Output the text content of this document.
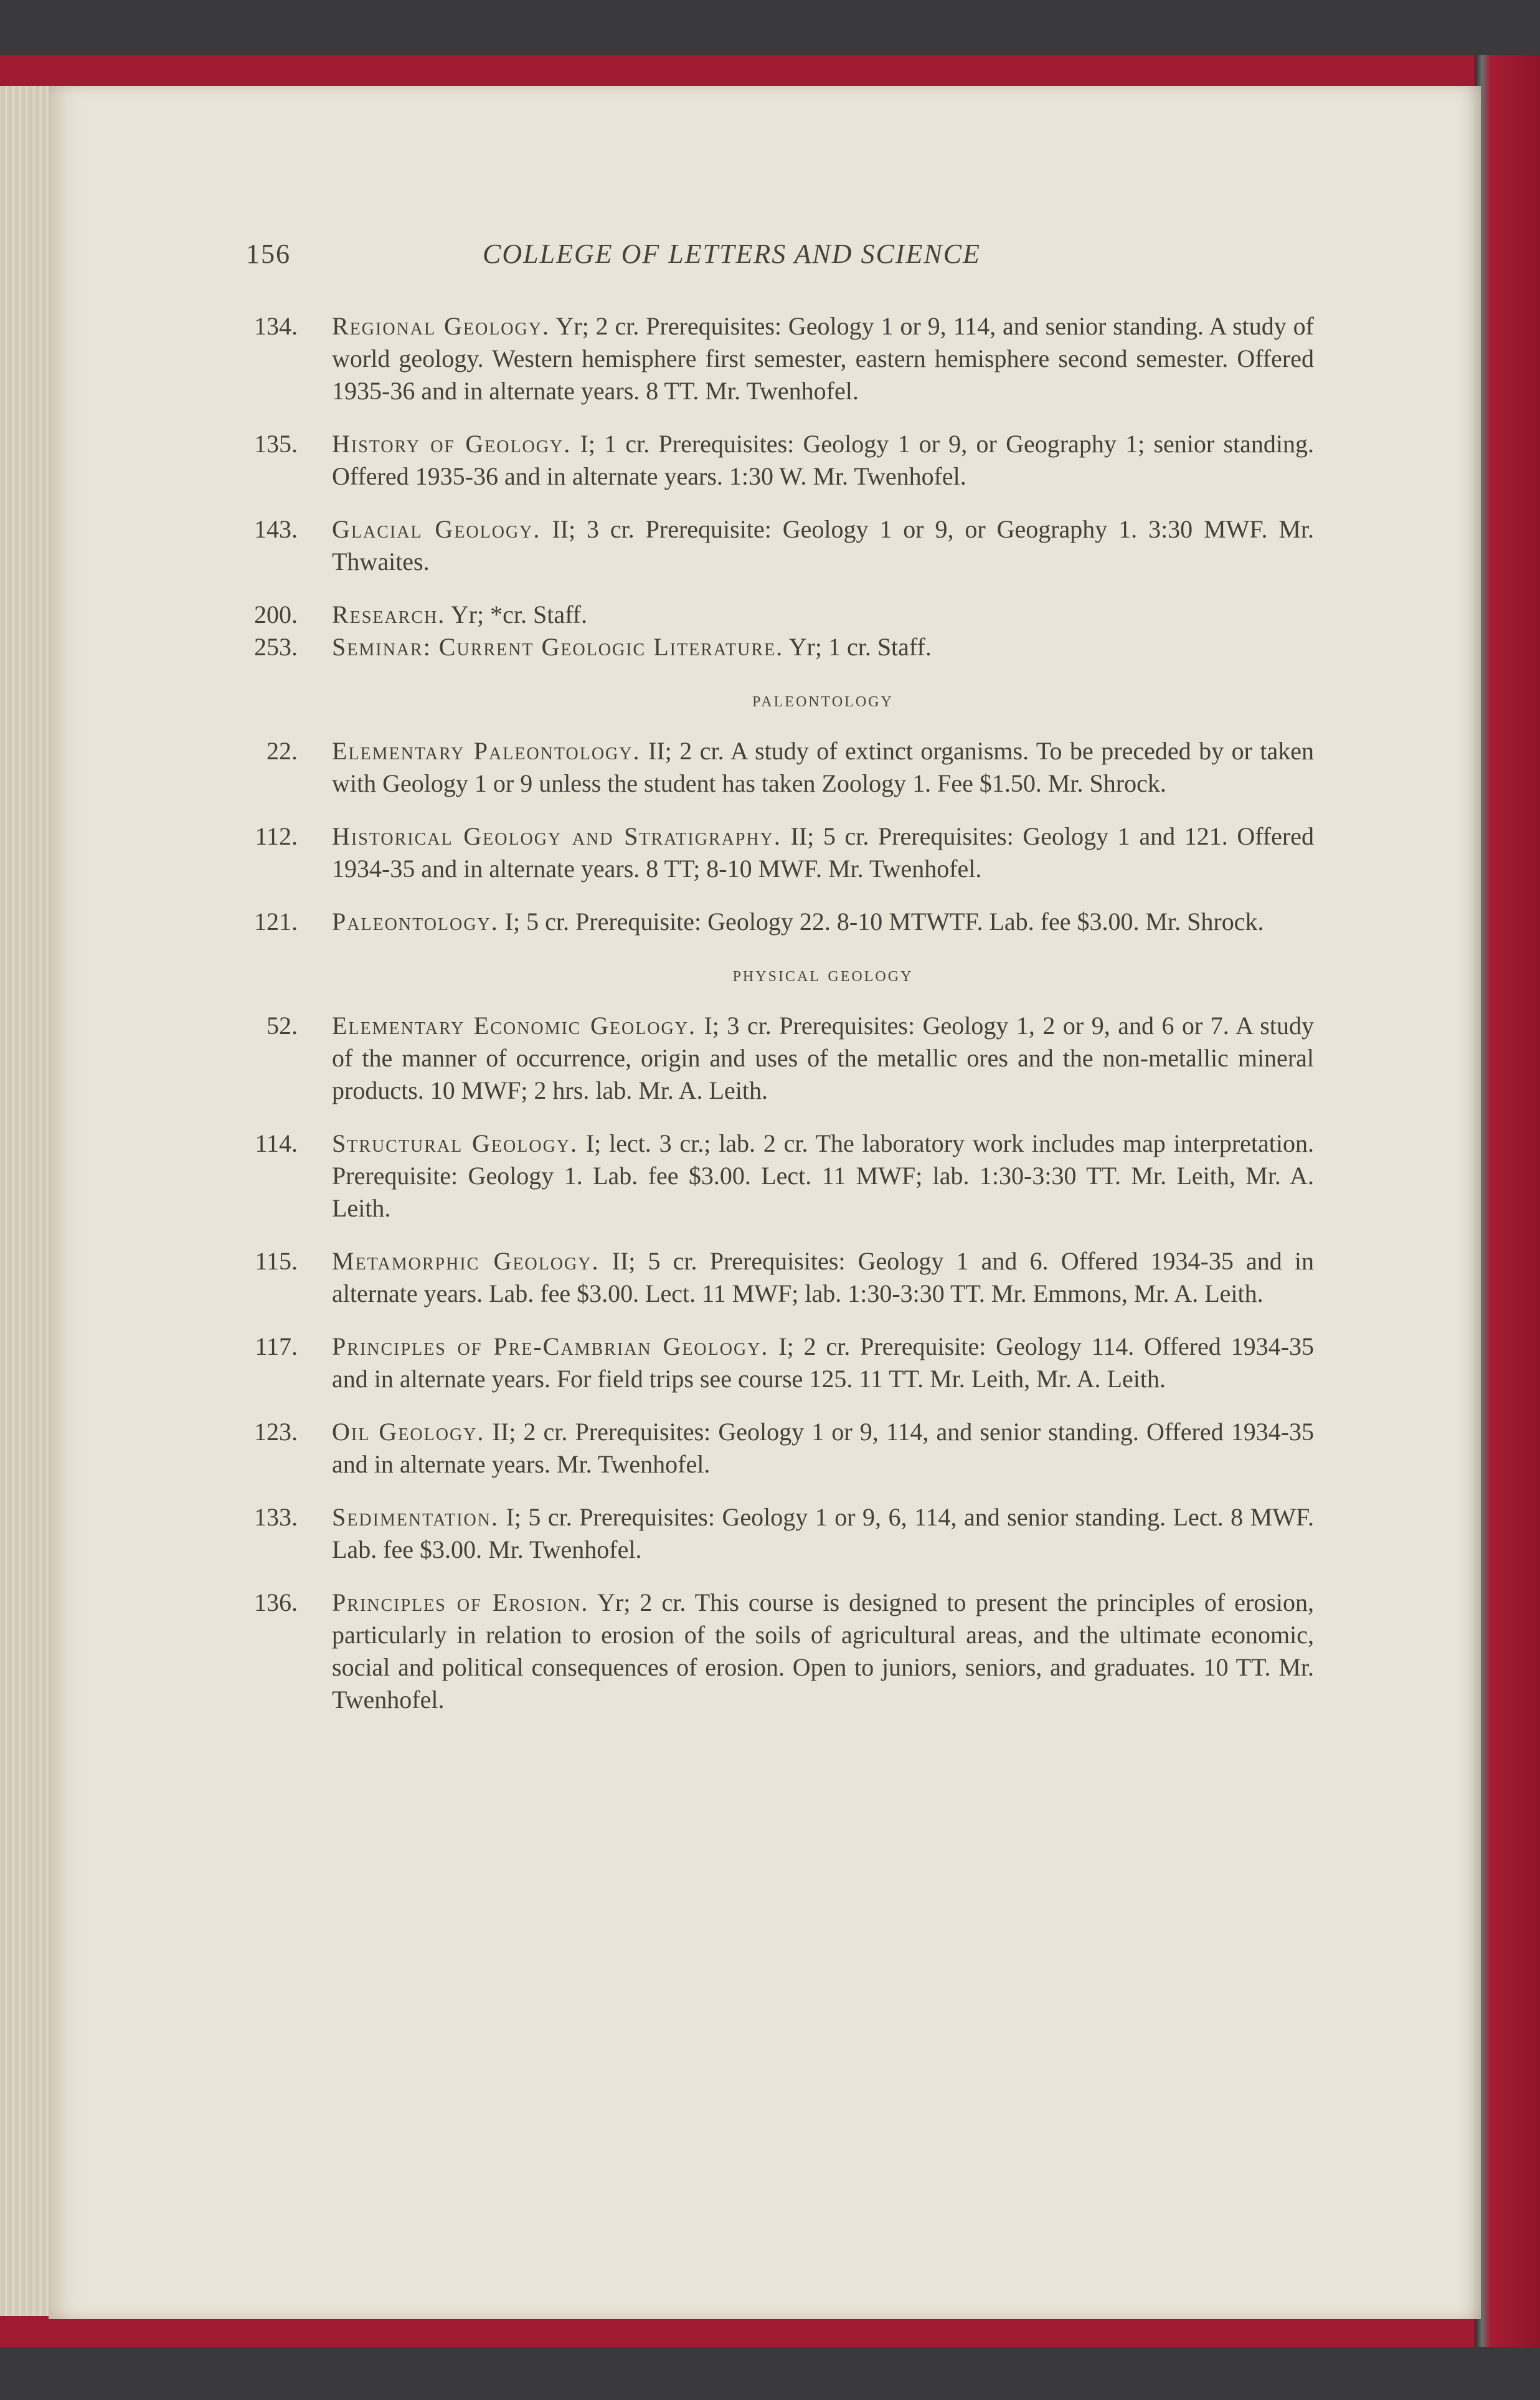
156	COLLEGE OF LETTERS AND SCIENCE
134. Regional Geology. Yr; 2 cr. Prerequisites: Geology 1 or 9, 114, and senior standing. A study of world geology. Western hemisphere first semester, eastern hemisphere second semester. Offered 1935-36 and in alternate years. 8 TT. Mr. Twenhofel.
135. History of Geology. I; 1 cr. Prerequisites: Geology 1 or 9, or Geography 1; senior standing. Offered 1935-36 and in alternate years. 1:30 W. Mr. Twenhofel.
143. Glacial Geology. II; 3 cr. Prerequisite: Geology 1 or 9, or Geography 1. 3:30 MWF. Mr. Thwaites.
200. Research. Yr; *cr. Staff.
253. Seminar: Current Geologic Literature. Yr; 1 cr. Staff.
paleontology
22. Elementary Paleontology. II; 2 cr. A study of extinct organisms. To be preceded by or taken with Geology 1 or 9 unless the student has taken Zoology 1. Fee $1.50. Mr. Shrock.
112. Historical Geology and Stratigraphy. II; 5 cr. Prerequisites: Geology 1 and 121. Offered 1934-35 and in alternate years. 8 TT; 8-10 MWF. Mr. Twenhofel.
121. Paleontology. I; 5 cr. Prerequisite: Geology 22. 8-10 MTWTF. Lab. fee $3.00. Mr. Shrock.
physical geology
52. Elementary Economic Geology. I; 3 cr. Prerequisites: Geology 1, 2 or 9, and 6 or 7. A study of the manner of occurrence, origin and uses of the metallic ores and the non-metallic mineral products. 10 MWF; 2 hrs. lab. Mr. A. Leith.
114. Structural Geology. I; lect. 3 cr.; lab. 2 cr. The laboratory work includes map interpretation. Prerequisite: Geology 1. Lab. fee $3.00. Lect. 11 MWF; lab. 1:30-3:30 TT. Mr. Leith, Mr. A. Leith.
115. Metamorphic Geology. II; 5 cr. Prerequisites: Geology 1 and 6. Offered 1934-35 and in alternate years. Lab. fee $3.00. Lect. 11 MWF; lab. 1:30-3:30 TT. Mr. Emmons, Mr. A. Leith.
117. Principles of Pre-Cambrian Geology. I; 2 cr. Prerequisite: Geology 114. Offered 1934-35 and in alternate years. For field trips see course 125. 11 TT. Mr. Leith, Mr. A. Leith.
123. Oil Geology. II; 2 cr. Prerequisites: Geology 1 or 9, 114, and senior standing. Offered 1934-35 and in alternate years. Mr. Twenhofel.
133. Sedimentation. I; 5 cr. Prerequisites: Geology 1 or 9, 6, 114, and senior standing. Lect. 8 MWF. Lab. fee $3.00. Mr. Twenhofel.
136. Principles of Erosion. Yr; 2 cr. This course is designed to present the principles of erosion, particularly in relation to erosion of the soils of agricultural areas, and the ultimate economic, social and political consequences of erosion. Open to juniors, seniors, and graduates. 10 TT. Mr. Twenhofel.
